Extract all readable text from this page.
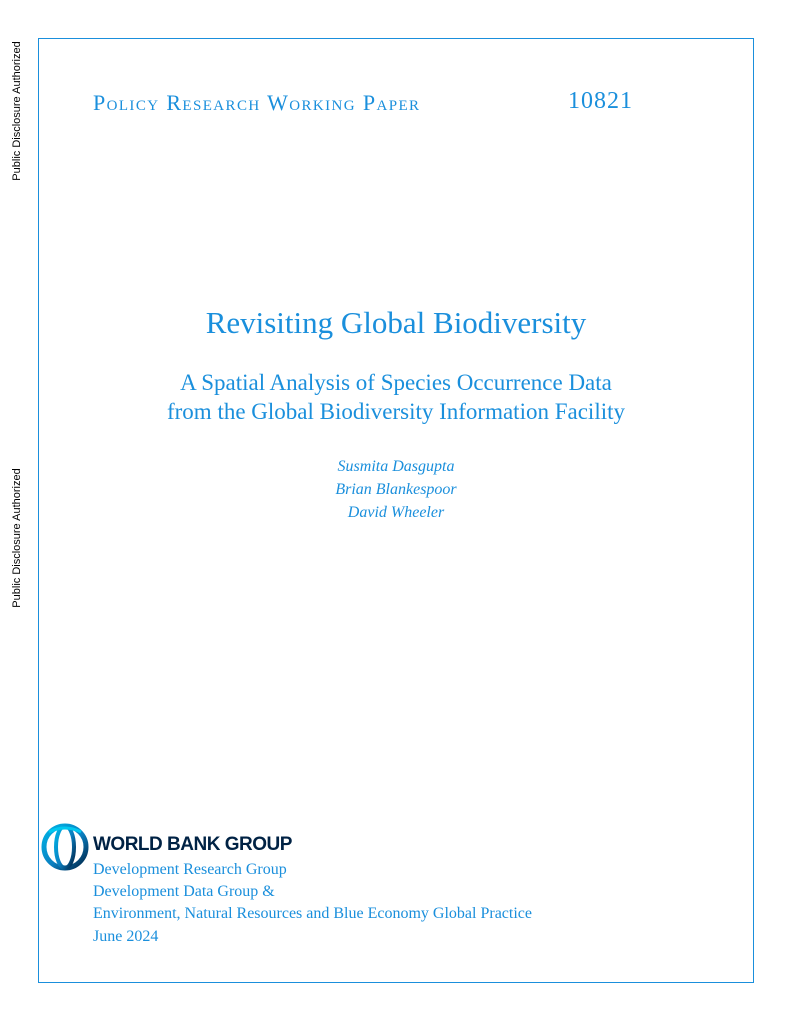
Public Disclosure Authorized
Public Disclosure Authorized
Policy Research Working Paper	10821
Revisiting Global Biodiversity
A Spatial Analysis of Species Occurrence Data
from the Global Biodiversity Information Facility
Susmita Dasgupta
Brian Blankespoor
David Wheeler
WORLD BANK GROUP
Development Research Group
Development Data Group &
Environment, Natural Resources and Blue Economy Global Practice
June 2024
